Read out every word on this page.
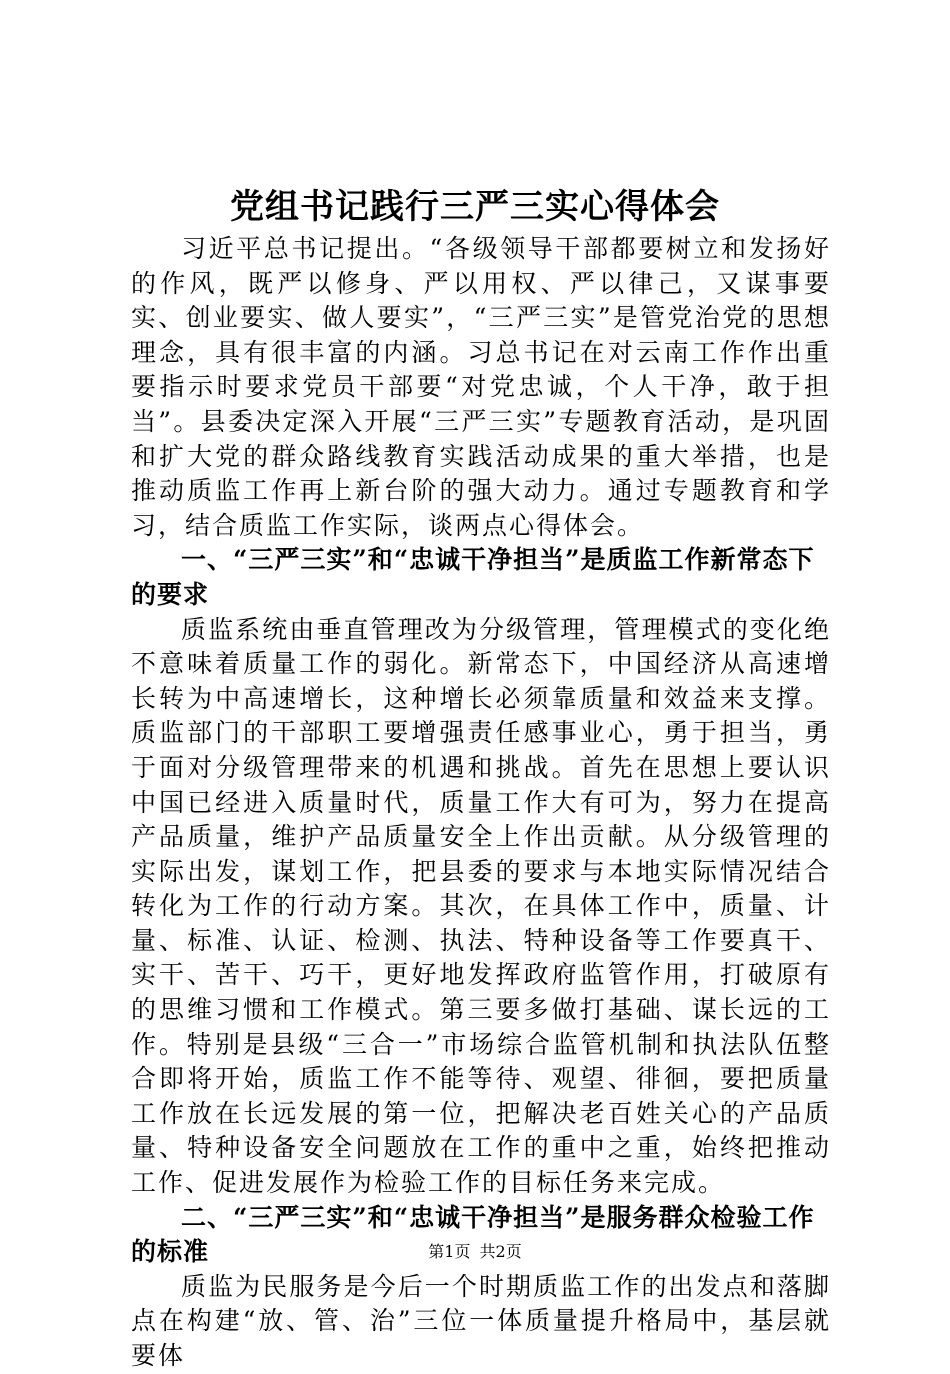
党组书记践行三严三实心得体会

习近平总书记提出。“各级领导干部都要树立和发扬好的作风，既严以修身、严以用权、严以律己，又谋事要实、创业要实、做人要实”，“三严三实”是管党治党的思想理念，具有很丰富的内涵。习总书记在对云南工作作出重要指示时要求党员干部要“对党忠诚，个人干净，敢于担当”。县委决定深入开展“三严三实”专题教育活动，是巩固和扩大党的群众路线教育实践活动成果的重大举措，也是推动质监工作再上新台阶的强大动力。通过专题教育和学习，结合质监工作实际，谈两点心得体会。

一、“三严三实”和“忠诚干净担当”是质监工作新常态下的要求

质监系统由垂直管理改为分级管理，管理模式的变化绝不意味着质量工作的弱化。新常态下，中国经济从高速增长转为中高速增长，这种增长必须靠质量和效益来支撑。质监部门的干部职工要增强责任感事业心，勇于担当，勇于面对分级管理带来的机遇和挑战。首先在思想上要认识中国已经进入质量时代，质量工作大有可为，努力在提高产品质量，维护产品质量安全上作出贡献。从分级管理的实际出发，谋划工作，把县委的要求与本地实际情况结合转化为工作的行动方案。其次，在具体工作中，质量、计量、标准、认证、检测、执法、特种设备等工作要真干、实干、苦干、巧干，更好地发挥政府监管作用，打破原有的思维习惯和工作模式。第三要多做打基础、谋长远的工作。特别是县级“三合一”市场综合监管机制和执法队伍整合即将开始，质监工作不能等待、观望、徘徊，要把质量工作放在长远发展的第一位，把解决老百姓关心的产品质量、特种设备安全问题放在工作的重中之重，始终把推动工作、促进发展作为检验工作的目标任务来完成。

二、“三严三实”和“忠诚干净担当”是服务群众检验工作的标准

质监为民服务是今后一个时期质监工作的出发点和落脚点在构建“放、管、治”三位一体质量提升格局中，基层就要体

第1页 共2页
